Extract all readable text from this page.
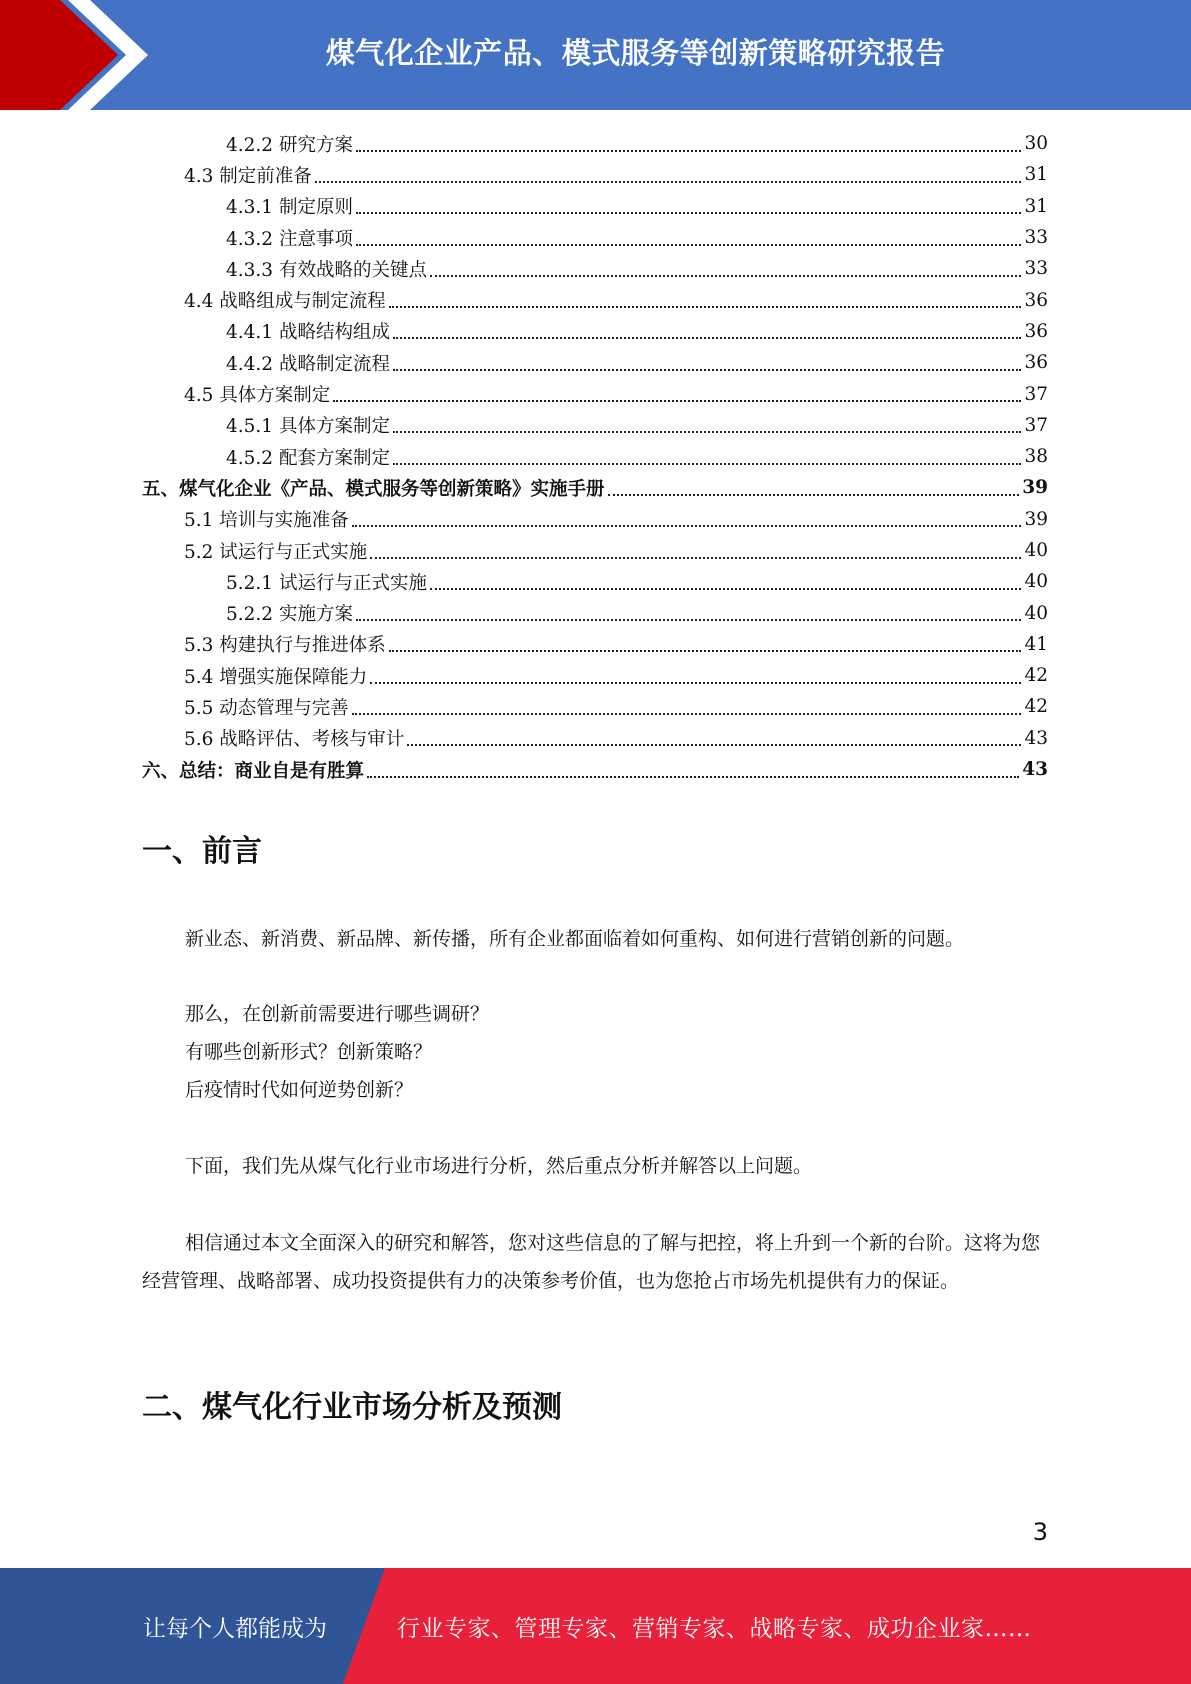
煤气化企业产品、模式服务等创新策略研究报告
4.2.2 研究方案	30
4.3 制定前准备	31
4.3.1 制定原则	31
4.3.2 注意事项	33
4.3.3 有效战略的关键点	33
4.4 战略组成与制定流程	36
4.4.1 战略结构组成	36
4.4.2 战略制定流程	36
4.5 具体方案制定	37
4.5.1 具体方案制定	37
4.5.2 配套方案制定	38
五、煤气化企业《产品、模式服务等创新策略》实施手册	39
5.1 培训与实施准备	39
5.2 试运行与正式实施	40
5.2.1 试运行与正式实施	40
5.2.2 实施方案	40
5.3 构建执行与推进体系	41
5.4 增强实施保障能力	42
5.5 动态管理与完善	42
5.6 战略评估、考核与审计	43
六、总结：商业自是有胜算	43
一、前言
新业态、新消费、新品牌、新传播，所有企业都面临着如何重构、如何进行营销创新的问题。
那么，在创新前需要进行哪些调研？
有哪些创新形式？创新策略？
后疫情时代如何逆势创新？
下面，我们先从煤气化行业市场进行分析，然后重点分析并解答以上问题。
相信通过本文全面深入的研究和解答，您对这些信息的了解与把控，将上升到一个新的台阶。这将为您经营管理、战略部署、成功投资提供有力的决策参考价值，也为您抢占市场先机提供有力的保证。
二、煤气化行业市场分析及预测
3
让每个人都能成为	行业专家、管理专家、营销专家、战略专家、成功企业家……
